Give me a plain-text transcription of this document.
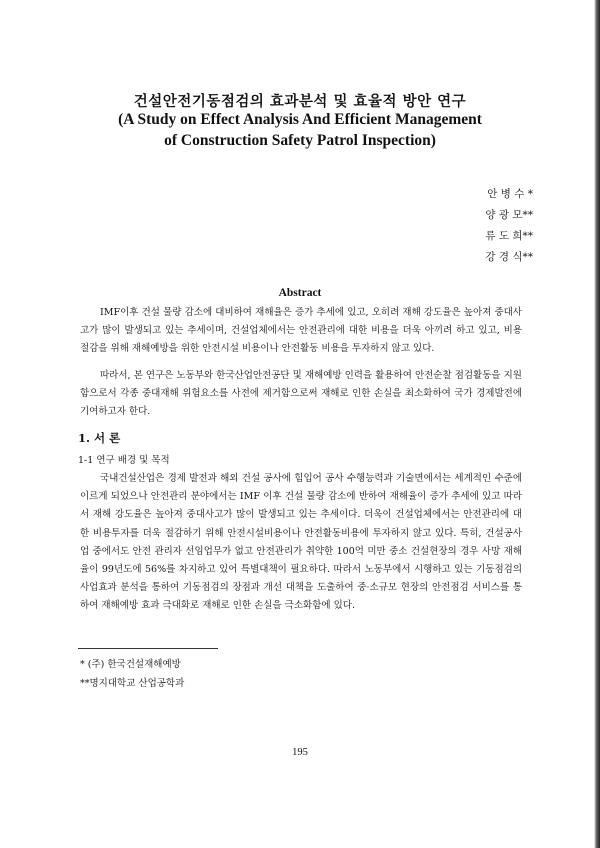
건설안전기동점검의 효과분석 및 효율적 방안 연구
(A Study on Effect Analysis And Efficient Management
of Construction Safety Patrol Inspection)
안 병 수 *
양 광 모**
류 도 희**
강 경 식**
Abstract

IMF이후 건설 물량 감소에 대비하여 재해율은 증가 추세에 있고, 오히려 재해 강도율은 높아져 중대사고가 많이 발생되고 있는 추세이며, 건설업체에서는 안전관리에 대한 비용을 더욱 아끼려 하고 있고, 비용 절감을 위해 재해예방을 위한 안전시설 비용이나 안전활동 비용을 투자하지 않고 있다.

따라서, 본 연구은 노동부와 한국산업안전공단 및 재해예방 인력을 활용하여 안전순찰 점검활동을 지원함으로서 각종 중대재해 위험요소를 사전에 제거함으로써 재해로 인한 손실을 최소화하여 국가 경제발전에 기여하고자 한다.

1. 서 론
1-1 연구 배경 및 목적

국내건설산업은 경제 발전과 해외 건설 공사에 힘입어 공사 수행능력과 기술면에서는 세계적인 수준에 이르게 되었으나 안전관리 분야에서는 IMF 이후 건설 물량 감소에 반하여 재해율이 증가 추세에 있고 따라서 재해 강도율은 높아져 중대사고가 많이 발생되고 있는 추세이다. 더욱이 건설업체에서는 안전관리에 대한 비용투자를 더욱 절감하기 위해 안전시설비용이나 안전활동비용에 투자하지 않고 있다. 특히, 건설공사업 중에서도 안전 관리자 선임업무가 없고 안전관리가 취약한 100억 미만 중소 건설현장의 경우 사망 재해율이 99년도에 56%를 차지하고 있어 특별대책이 필요하다. 따라서 노동부에서 시행하고 있는 기동점검의 사업효과 분석을 통하여 기동점검의 장점과 개선 대책을 도출하여 중·소규모 현장의 안전점검 서비스를 통하여 재해예방 효과 극대화로 재해로 인한 손실을 극소화함에 있다.

* (주) 한국건설재해예방
**명지대학교 산업공학과
195
